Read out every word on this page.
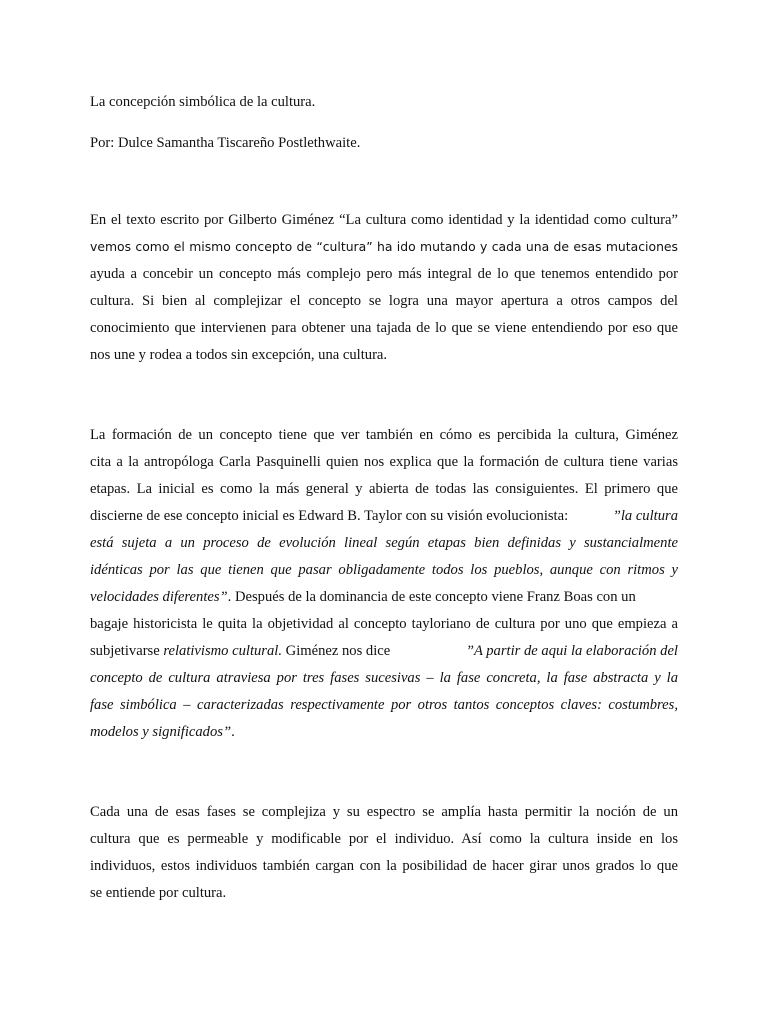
La concepción simbólica de la cultura.
Por: Dulce Samantha Tiscareño Postlethwaite.
En el texto escrito por Gilberto Giménez “La cultura como identidad y la identidad como cultura”
vemos como el mismo concepto de “cultura” ha ido mutando y cada una de esas mutaciones
ayuda a concebir un concepto más complejo pero más integral de lo que tenemos entendido por
cultura. Si bien al complejizar el concepto se logra una mayor apertura a otros campos del
conocimiento que intervienen para obtener una tajada de lo que se viene entendiendo por eso que
nos une y rodea a todos sin excepción, una cultura.
La formación de un concepto tiene que ver también en cómo es percibida la cultura, Giménez
cita a la antropóloga Carla Pasquinelli quien nos explica que la formación de cultura tiene varias
etapas. La inicial es como la más general y abierta de todas las consiguientes. El primero que
discierne de ese concepto inicial es Edward B. Taylor con su visión evolucionista:	”la cultura
está sujeta a un proceso de evolución lineal según etapas bien definidas y sustancialmente
idénticas por las que tienen que pasar obligadamente todos los pueblos, aunque con ritmos y
velocidades diferentes”. Después de la dominancia de este concepto viene Franz Boas con un
bagaje historicista le quita la objetividad al concepto tayloriano de cultura por uno que empieza a
subjetivarse relativismo cultural. Giménez nos dice	”A partir de aqui la elaboración del
concepto de cultura atraviesa por tres fases sucesivas – la fase concreta, la fase abstracta y la
fase simbólica – caracterizadas respectivamente por otros tantos conceptos claves: costumbres,
modelos y significados”.
Cada una de esas fases se complejiza y su espectro se amplía hasta permitir la noción de un
cultura que es permeable y modificable por el individuo. Así como la cultura inside en los
individuos, estos individuos también cargan con la posibilidad de hacer girar unos grados lo que
se entiende por cultura.
